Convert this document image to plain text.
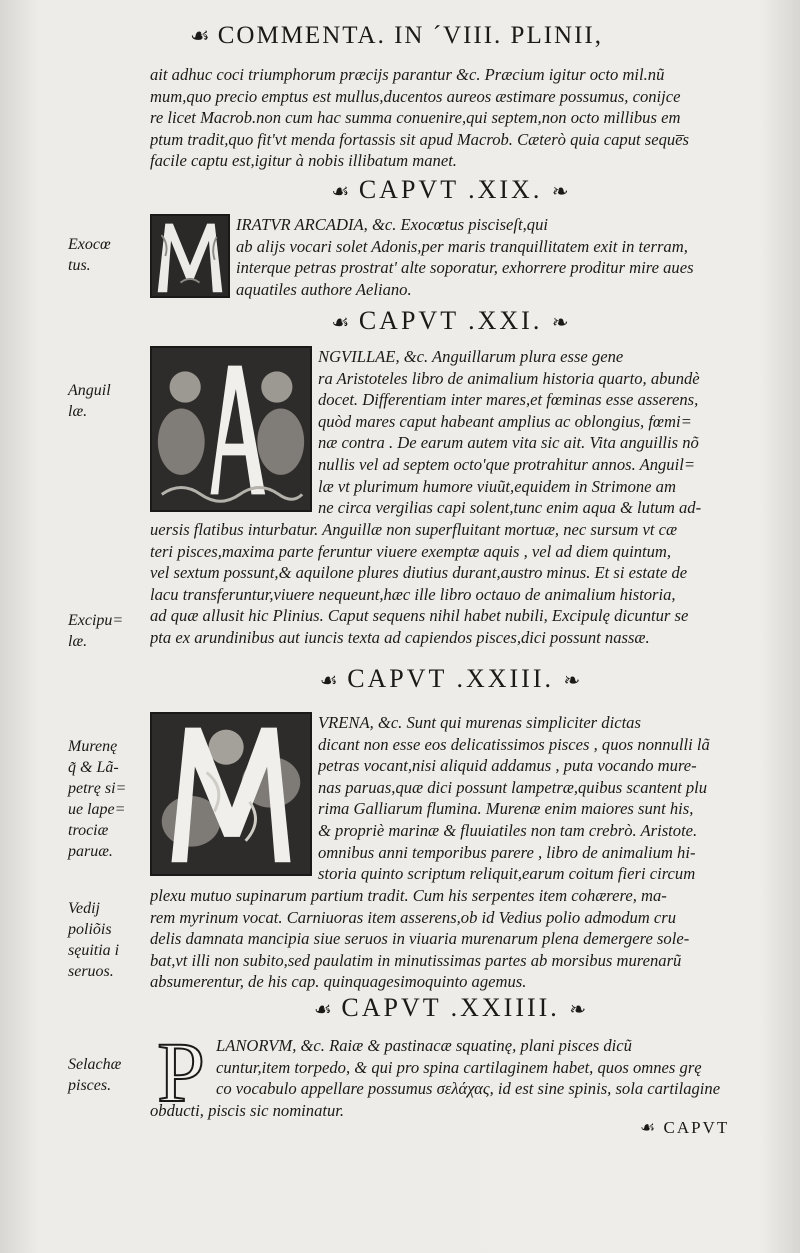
☙ COMMENTA. IN ˊVIII. PLINII,
ait adhuc coci triumphorum præcijs parantur &c. Præcium igitur octo mil.nũ
mum,quo precio emptus est mullus,ducentos aureos æstimare possumus, conijce
re licet Macrob.non cum hac summa conuenire,qui septem,non octo millibus em
ptum tradit,quo fit'vt menda fortassis sit apud Macrob. Cæterò quia caput seque̅s
facile captu est,igitur à nobis illibatum manet.
☙ CAPVT .XIX. ❧
IRATVR ARCADIA, &c. Exocœtus pisciseſt,qui
ab alijs vocari solet Adonis,per maris tranquillitatem exit in terram,
interque petras prostrat' alte soporatur, exhorrere proditur mire aues
aquatiles authore Aeliano.
Exocœ
tus.
☙ CAPVT .XXI. ❧
NGVILLAE, &c. Anguillarum plura esse gene
ra Aristoteles libro de animalium historia quarto, abundè
docet. Differentiam inter mares,et fœminas esse asserens,
quòd mares caput habeant amplius ac oblongius, fœmi=
næ contra . De earum autem vita sic ait. Vita anguillis nõ
nullis vel ad septem octo'que protrahitur annos. Anguil=
læ vt plurimum humore viuũt,equidem in Strimone am
ne circa vergilias capi solent,tunc enim aqua & lutum ad-
uersis flatibus inturbatur. Anguillæ non superfluitant mortuæ, nec sursum vt cæ
teri pisces,maxima parte feruntur viuere exemptæ aquis , vel ad diem quintum,
vel sextum possunt,& aquilone plures diutius durant,austro minus. Et si estate de
lacu transferuntur,viuere nequeunt,hæc ille libro octauo de animalium historia,
ad quæ allusit hic Plinius. Caput sequens nihil habet nubili, Excipulę dicuntur se
pta ex arundinibus aut iuncis texta ad capiendos pisces,dici possunt nassæ.
Anguil
læ.
Excipu=
læ.
☙ CAPVT .XXIII. ❧
VRENA, &c. Sunt qui murenas simpliciter dictas
dicant non esse eos delicatissimos pisces , quos nonnulli lã
petras vocant,nisi aliquid addamus , puta vocando mure-
nas paruas,quæ dici possunt lampetræ,quibus scantent plu
rima Galliarum flumina. Murenæ enim maiores sunt his,
& propriè marinæ & fluuiatiles non tam crebrò. Aristote.
omnibus anni temporibus parere , libro de animalium hi-
storia quinto scriptum reliquit,earum coitum fieri circum
plexu mutuo supinarum partium tradit. Cum his serpentes item cohærere, ma-
rem myrinum vocat. Carniuoras item asserens,ob id Vedius polio admodum cru
delis damnata mancipia siue seruos in viuaria murenarum plena demergere sole-
bat,vt illi non subito,sed paulatim in minutissimas partes ab morsibus murenarũ
absumerentur, de his cap. quinquagesimoquinto agemus.
Murenę
q̃ & Lã-
petrę si=
ue lape=
trociæ
paruæ.
Vedij
poliõis
sęuitia i
seruos.
☙ CAPVT .XXIIII. ❧
P LANORVM, &c. Raiæ & pastinacæ squatinę, plani pisces dicũ
cuntur,item torpedo, & qui pro spina cartilaginem habet, quos omnes grę
co vocabulo appellare possumus σελάχας, id est sine spinis, sola cartilagine
obducti, piscis sic nominatur.
Selachæ
pisces.
☙ CAPVT
